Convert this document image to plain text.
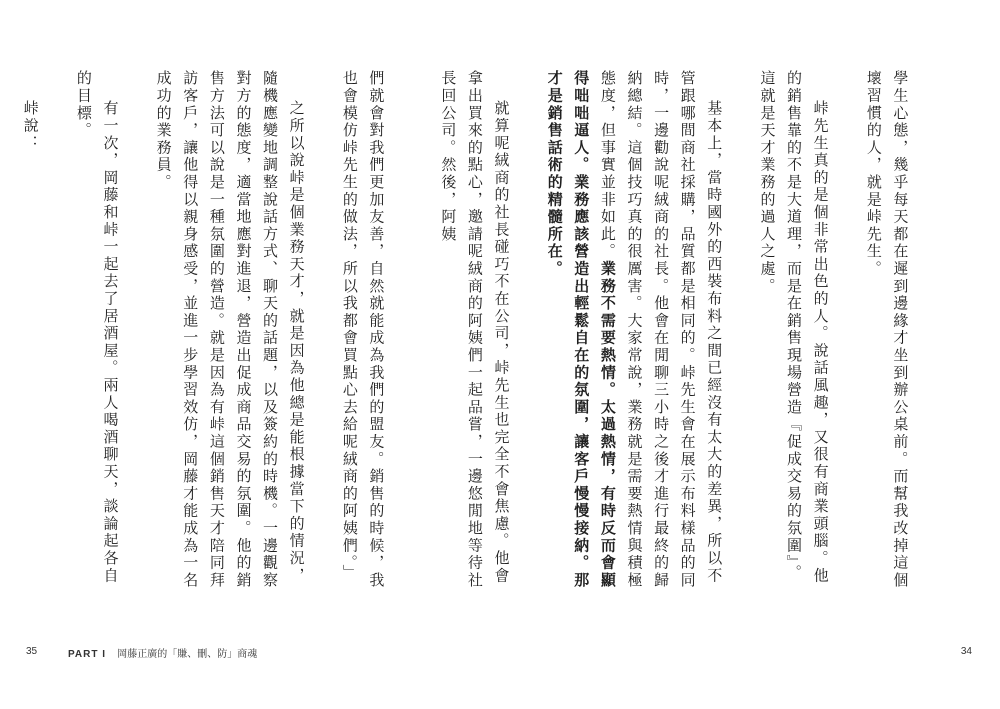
學生心態，幾乎每天都在遲到邊緣才坐到辦公桌前。而幫我改掉這個壞習慣的人，就是峠先生。

峠先生真的是個非常出色的人。說話風趣，又很有商業頭腦。他的銷售靠的不是大道理，而是在銷售現場營造『促成交易的氛圍』。這就是天才業務的過人之處。

基本上，當時國外的西裝布料之間已經沒有太大的差異，所以不管跟哪間商社採購，品質都是相同的。峠先生會在展示布料樣品的同時，一邊勸說呢絨商的社長。他會在閒聊三小時之後才進行最終的歸納總結。這個技巧真的很厲害。大家常說，業務就是需要熱情與積極態度，但事實並非如此。業務不需要熱情。太過熱情，有時反而會顯得咄咄逼人。業務應該營造出輕鬆自在的氛圍，讓客戶慢慢接納。那才是銷售話術的精髓所在。

就算呢絨商的社長碰巧不在公司，峠先生也完全不會焦慮。他會拿出買來的點心，邀請呢絨商的阿姨們一起品嘗，一邊悠閒地等待社長回公司。然後，阿姨

34

們就會對我們更加友善，自然就能成為我們的盟友。銷售的時候，我也會模仿峠先生的做法，所以我都會買點心去給呢絨商的阿姨們。」

之所以說峠是個業務天才，就是因為他總是能根據當下的情況，隨機應變地調整說話方式、聊天的話題，以及簽約的時機。一邊觀察對方的態度，適當地應對進退，營造出促成商品交易的氛圍。他的銷售方法可以說是一種氛圍的營造。就是因為有峠這個銷售天才陪同拜訪客戶，讓他得以親身感受，並進一步學習效仿，岡藤才能成為一名成功的業務員。

有一次，岡藤和峠一起去了居酒屋。兩人喝酒聊天，談論起各自的目標。

峠說：

35	PART I 岡藤正廣的「賺、刪、防」商魂
